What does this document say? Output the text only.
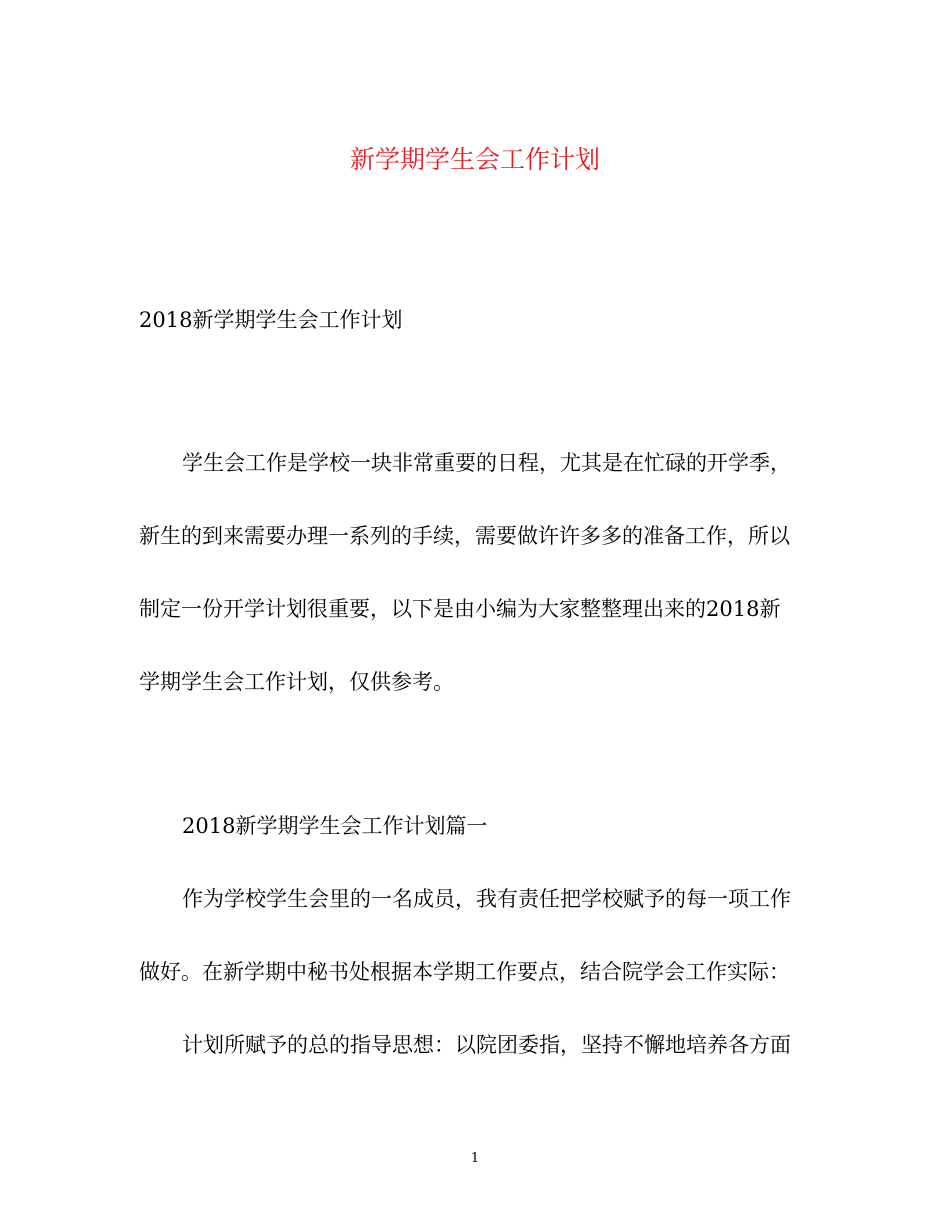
新学期学生会工作计划
2018新学期学生会工作计划
学生会工作是学校一块非常重要的日程，尤其是在忙碌的开学季，
新生的到来需要办理一系列的手续，需要做许许多多的准备工作，所以
制定一份开学计划很重要，以下是由小编为大家整整理出来的2018新
学期学生会工作计划，仅供参考。
2018新学期学生会工作计划篇一
作为学校学生会里的一名成员，我有责任把学校赋予的每一项工作
做好。在新学期中秘书处根据本学期工作要点，结合院学会工作实际：
计划所赋予的总的指导思想：以院团委指，坚持不懈地培养各方面
1
